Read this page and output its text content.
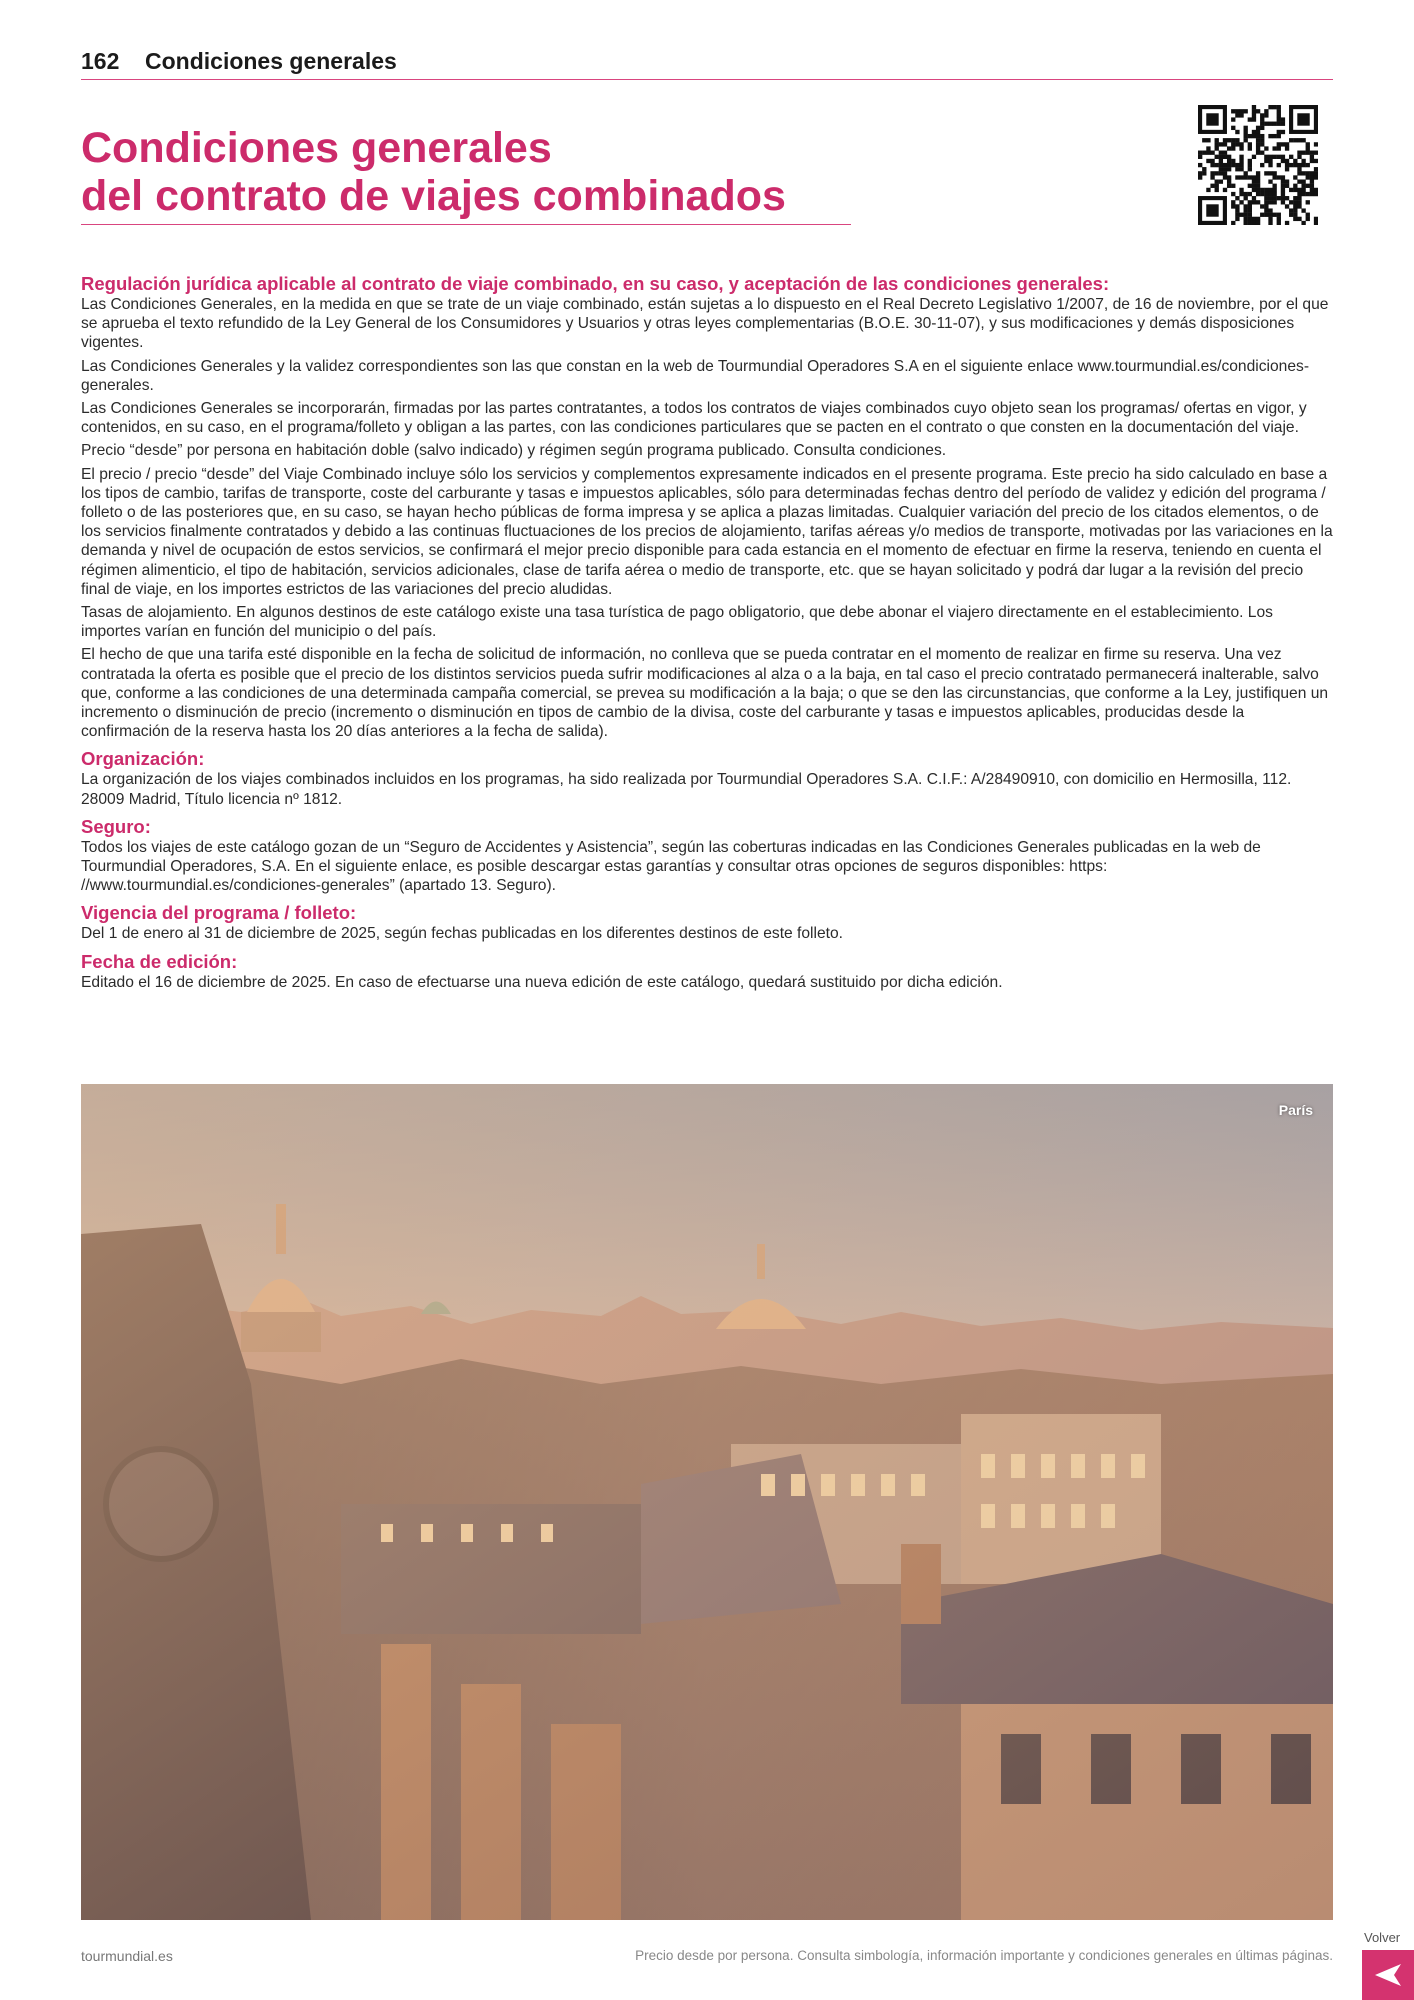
162 Condiciones generales
Condiciones generales
del contrato de viajes combinados
Regulación jurídica aplicable al contrato de viaje combinado, en su caso, y aceptación de las condiciones generales:

Las Condiciones Generales, en la medida en que se trate de un viaje combinado, están sujetas a lo dispuesto en el Real Decreto Legislativo 1/2007, de 16 de noviembre, por el que se aprueba el texto refundido de la Ley General de los Consumidores y Usuarios y otras leyes complementarias (B.O.E. 30-11-07), y sus modificaciones y demás disposiciones vigentes.

Las Condiciones Generales y la validez correspondientes son las que constan en la web de Tourmundial Operadores S.A en el siguiente enlace www.tourmundial.es/condiciones-generales.

Las Condiciones Generales se incorporarán, firmadas por las partes contratantes, a todos los contratos de viajes combinados cuyo objeto sean los programas/ ofertas en vigor, y contenidos, en su caso, en el programa/folleto y obligan a las partes, con las condiciones particulares que se pacten en el contrato o que consten en la documentación del viaje.

Precio “desde” por persona en habitación doble (salvo indicado) y régimen según programa publicado. Consulta condiciones.

El precio / precio “desde” del Viaje Combinado incluye sólo los servicios y complementos expresamente indicados en el presente programa. Este precio ha sido calculado en base a los tipos de cambio, tarifas de transporte, coste del carburante y tasas e impuestos aplicables, sólo para determinadas fechas dentro del período de validez y edición del programa / folleto o de las posteriores que, en su caso, se hayan hecho públicas de forma impresa y se aplica a plazas limitadas. Cualquier variación del precio de los citados elementos, o de los servicios finalmente contratados y debido a las continuas fluctuaciones de los precios de alojamiento, tarifas aéreas y/o medios de transporte, motivadas por las variaciones en la demanda y nivel de ocupación de estos servicios, se confirmará el mejor precio disponible para cada estancia en el momento de efectuar en firme la reserva, teniendo en cuenta el régimen alimenticio, el tipo de habitación, servicios adicionales, clase de tarifa aérea o medio de transporte, etc. que se hayan solicitado y podrá dar lugar a la revisión del precio final de viaje, en los importes estrictos de las variaciones del precio aludidas.

Tasas de alojamiento. En algunos destinos de este catálogo existe una tasa turística de pago obligatorio, que debe abonar el viajero directamente en el establecimiento. Los importes varían en función del municipio o del país.

El hecho de que una tarifa esté disponible en la fecha de solicitud de información, no conlleva que se pueda contratar en el momento de realizar en firme su reserva. Una vez contratada la oferta es posible que el precio de los distintos servicios pueda sufrir modificaciones al alza o a la baja, en tal caso el precio contratado permanecerá inalterable, salvo que, conforme a las condiciones de una determinada campaña comercial, se prevea su modificación a la baja; o que se den las circunstancias, que conforme a la Ley, justifiquen un incremento o disminución de precio (incremento o disminución en tipos de cambio de la divisa, coste del carburante y tasas e impuestos aplicables, producidas desde la confirmación de la reserva hasta los 20 días anteriores a la fecha de salida).

Organización:

La organización de los viajes combinados incluidos en los programas, ha sido realizada por Tourmundial Operadores S.A. C.I.F.: A/28490910, con domicilio en Hermosilla, 112. 28009 Madrid, Título licencia nº 1812.

Seguro:

Todos los viajes de este catálogo gozan de un “Seguro de Accidentes y Asistencia”, según las coberturas indicadas en las Condiciones Generales publicadas en la web de Tourmundial Operadores, S.A. En el siguiente enlace, es posible descargar estas garantías y consultar otras opciones de seguros disponibles: https: //www.tourmundial.es/condiciones-generales” (apartado 13. Seguro).

Vigencia del programa / folleto:

Del 1 de enero al 31 de diciembre de 2025, según fechas publicadas en los diferentes destinos de este folleto.

Fecha de edición:

Editado el 16 de diciembre de 2025. En caso de efectuarse una nueva edición de este catálogo, quedará sustituido por dicha edición.

París
tourmundial.es	Precio desde por persona. Consulta simbología, información importante y condiciones generales en últimas páginas.
Volver
